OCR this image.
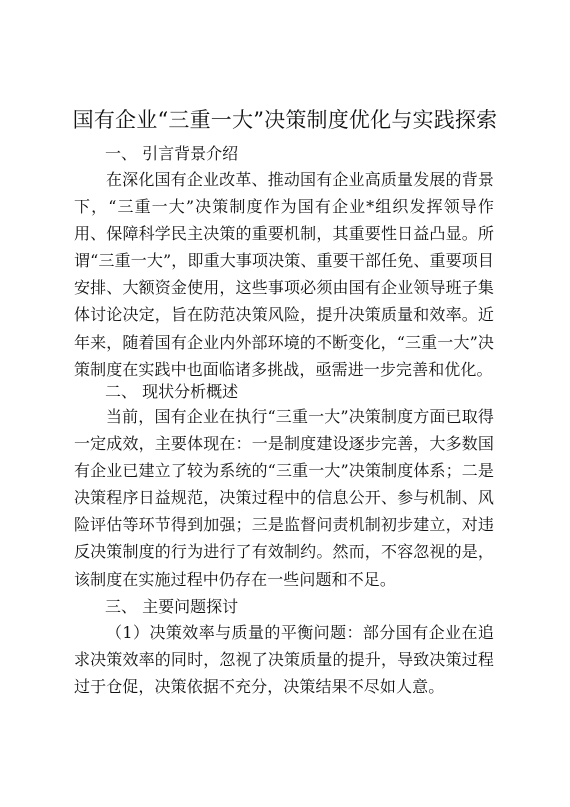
国有企业“三重一大”决策制度优化与实践探索
一、 引言背景介绍

在深化国有企业改革、推动国有企业高质量发展的背景下，“三重一大”决策制度作为国有企业*组织发挥领导作用、保障科学民主决策的重要机制，其重要性日益凸显。所谓“三重一大”，即重大事项决策、重要干部任免、重要项目安排、大额资金使用，这些事项必须由国有企业领导班子集体讨论决定，旨在防范决策风险，提升决策质量和效率。近年来，随着国有企业内外部环境的不断变化，“三重一大”决策制度在实践中也面临诸多挑战，亟需进一步完善和优化。

二、 现状分析概述

当前，国有企业在执行“三重一大”决策制度方面已取得一定成效，主要体现在：一是制度建设逐步完善，大多数国有企业已建立了较为系统的“三重一大”决策制度体系；二是决策程序日益规范，决策过程中的信息公开、参与机制、风险评估等环节得到加强；三是监督问责机制初步建立，对违反决策制度的行为进行了有效制约。然而，不容忽视的是，该制度在实施过程中仍存在一些问题和不足。

三、 主要问题探讨

（1）决策效率与质量的平衡问题：部分国有企业在追求决策效率的同时，忽视了决策质量的提升，导致决策过程过于仓促，决策依据不充分，决策结果不尽如人意。
